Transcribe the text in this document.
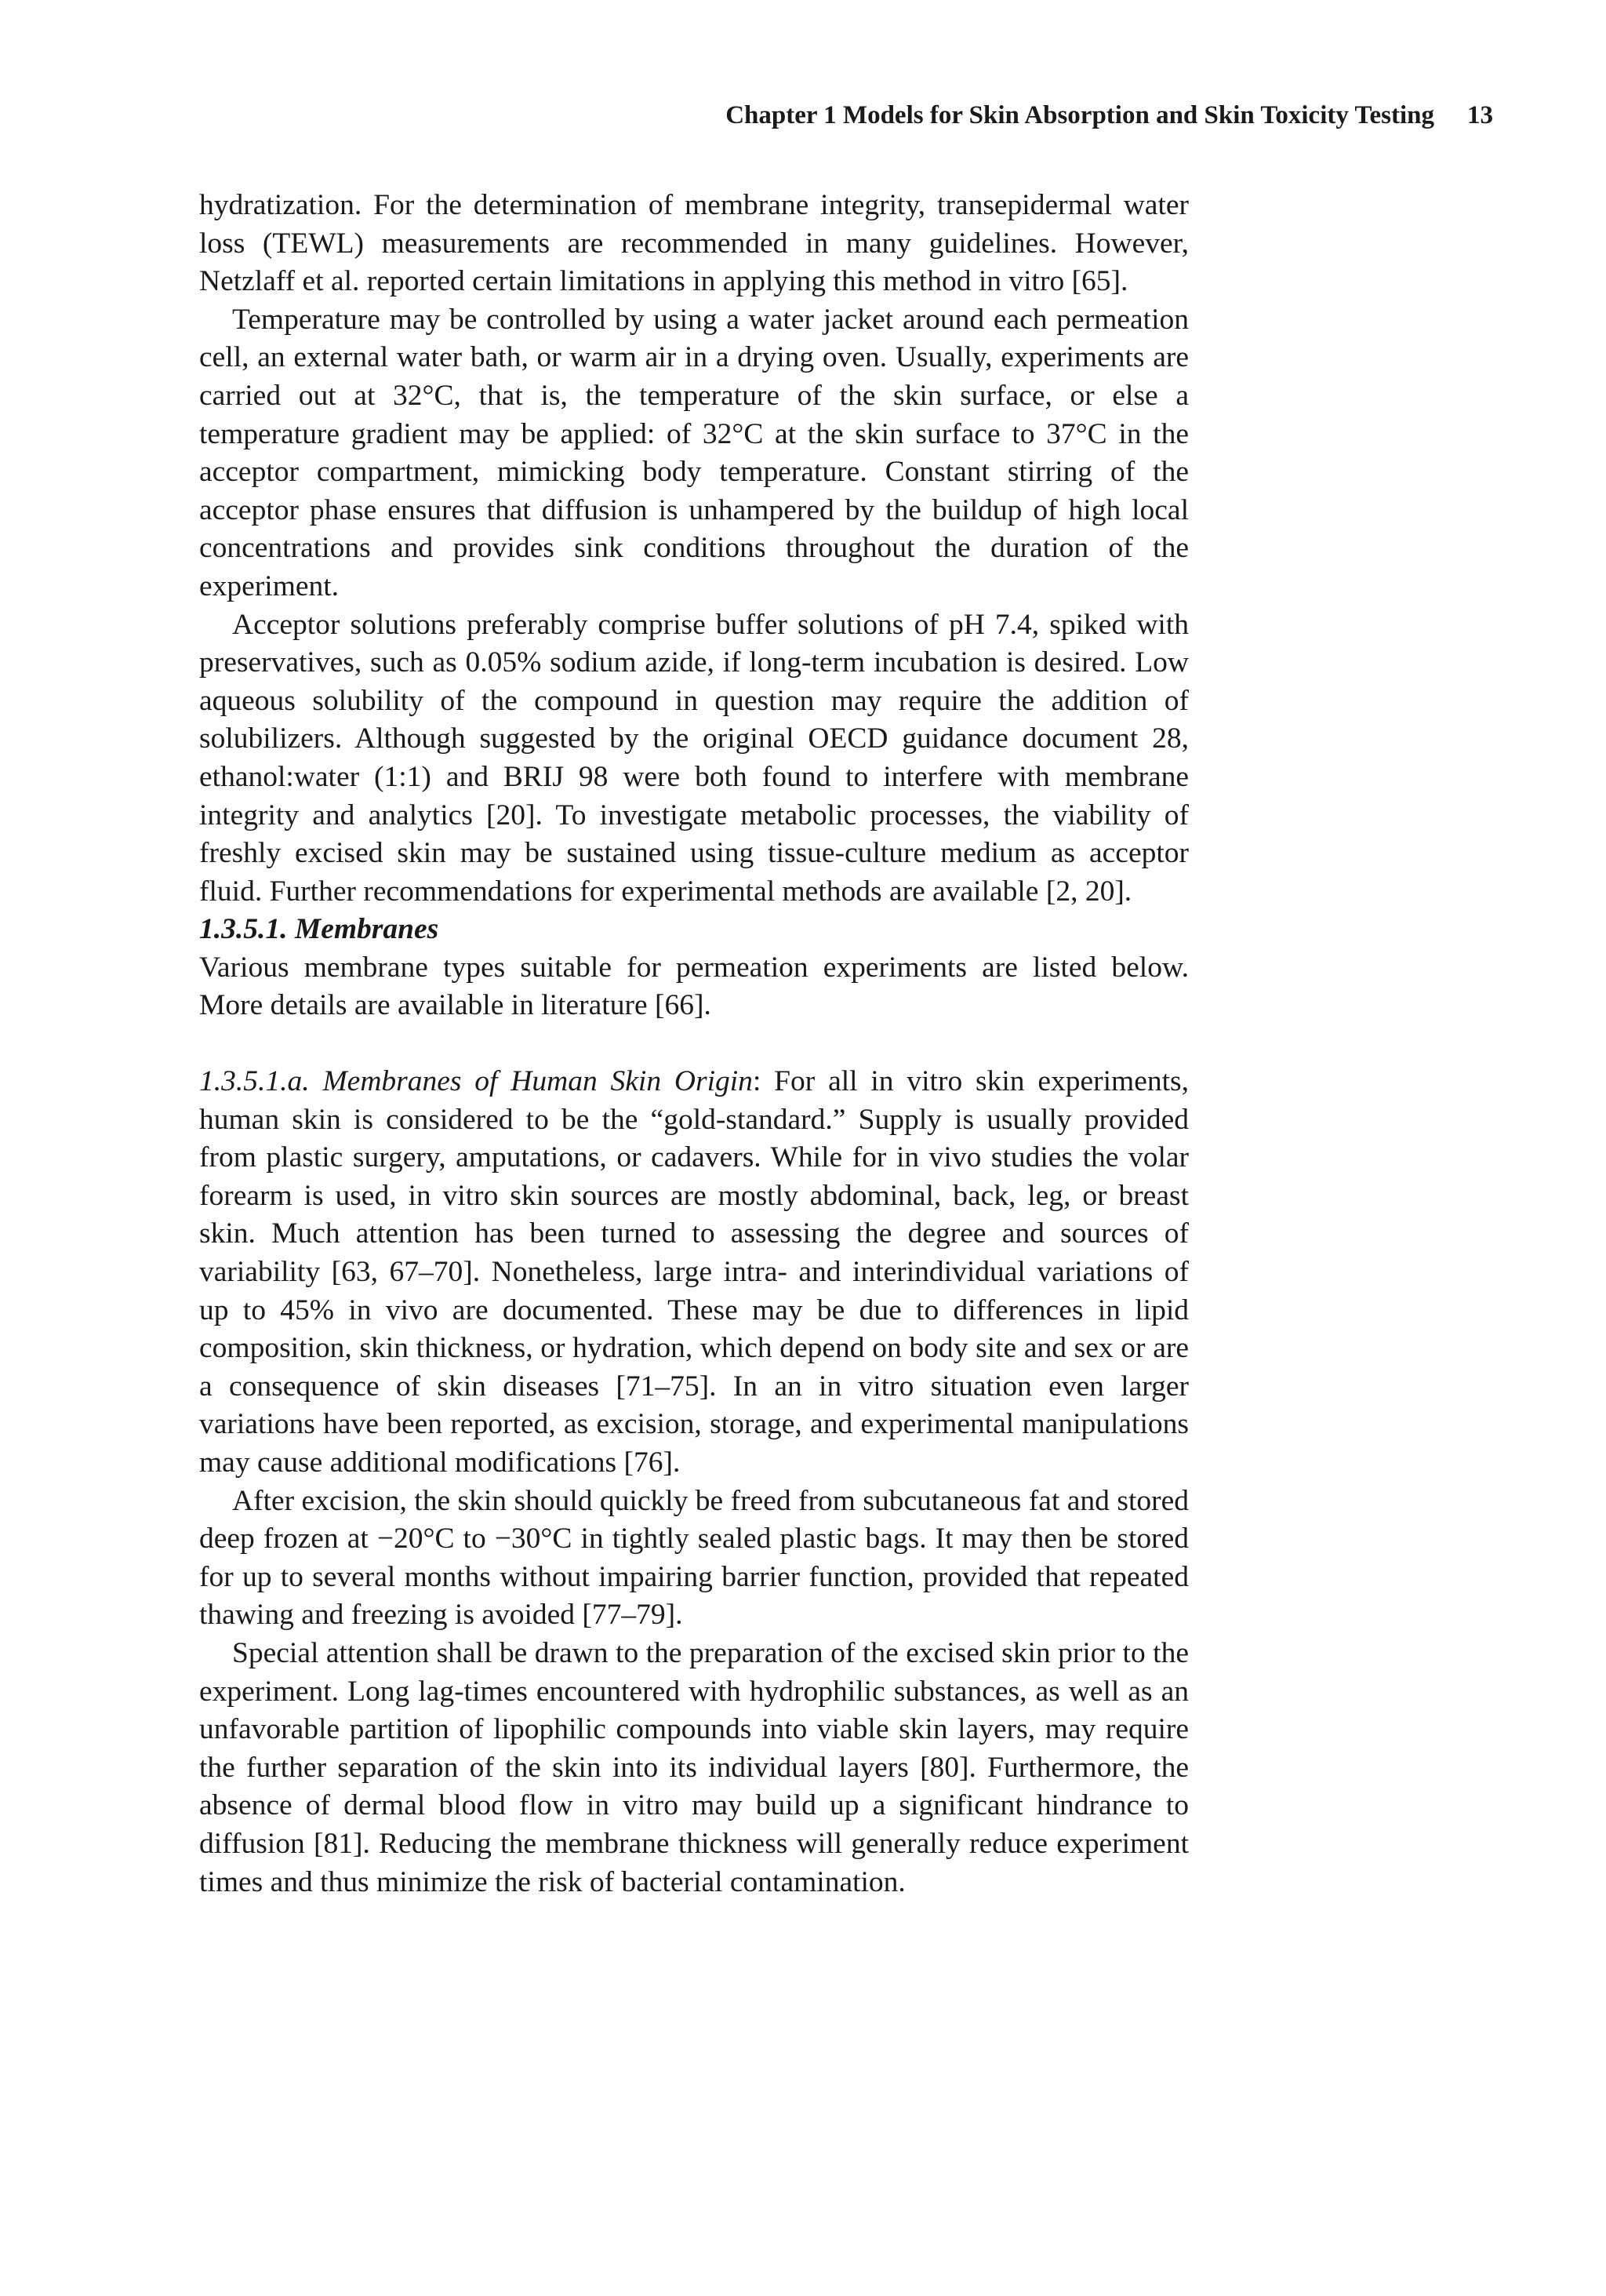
Chapter 1 Models for Skin Absorption and Skin Toxicity Testing 13

hydratization. For the determination of membrane integrity, transepidermal water loss (TEWL) measurements are recommended in many guidelines. However, Netzlaff et al. reported certain limitations in applying this method in vitro [65].

Temperature may be controlled by using a water jacket around each permeation cell, an external water bath, or warm air in a drying oven. Usually, experiments are carried out at 32°C, that is, the temperature of the skin surface, or else a temperature gradient may be applied: of 32°C at the skin surface to 37°C in the acceptor compartment, mimicking body temperature. Constant stirring of the acceptor phase ensures that diffusion is unhampered by the buildup of high local concentrations and provides sink conditions throughout the duration of the experiment.

Acceptor solutions preferably comprise buffer solutions of pH 7.4, spiked with preservatives, such as 0.05% sodium azide, if long-term incubation is desired. Low aqueous solubility of the compound in question may require the addition of solubilizers. Although suggested by the original OECD guidance document 28, ethanol:water (1:1) and BRIJ 98 were both found to interfere with membrane integrity and analytics [20]. To investigate metabolic processes, the viability of freshly excised skin may be sustained using tissue-culture medium as acceptor fluid. Further recommendations for experimental methods are available [2, 20].

1.3.5.1. Membranes

Various membrane types suitable for permeation experiments are listed below. More details are available in literature [66].

1.3.5.1.a. Membranes of Human Skin Origin: For all in vitro skin experiments, human skin is considered to be the “gold-standard.” Supply is usually provided from plastic surgery, amputations, or cadavers. While for in vivo studies the volar forearm is used, in vitro skin sources are mostly abdominal, back, leg, or breast skin. Much attention has been turned to assessing the degree and sources of variability [63, 67–70]. Nonetheless, large intra- and interindividual variations of up to 45% in vivo are documented. These may be due to differences in lipid composition, skin thickness, or hydration, which depend on body site and sex or are a consequence of skin diseases [71–75]. In an in vitro situation even larger variations have been reported, as excision, storage, and experimental manipulations may cause additional modifications [76].

After excision, the skin should quickly be freed from subcutaneous fat and stored deep frozen at −20°C to −30°C in tightly sealed plastic bags. It may then be stored for up to several months without impairing barrier function, provided that repeated thawing and freezing is avoided [77–79].

Special attention shall be drawn to the preparation of the excised skin prior to the experiment. Long lag-times encountered with hydrophilic substances, as well as an unfavorable partition of lipophilic compounds into viable skin layers, may require the further separation of the skin into its individual layers [80]. Furthermore, the absence of dermal blood flow in vitro may build up a significant hindrance to diffusion [81]. Reducing the membrane thickness will generally reduce experiment times and thus minimize the risk of bacterial contamination.
